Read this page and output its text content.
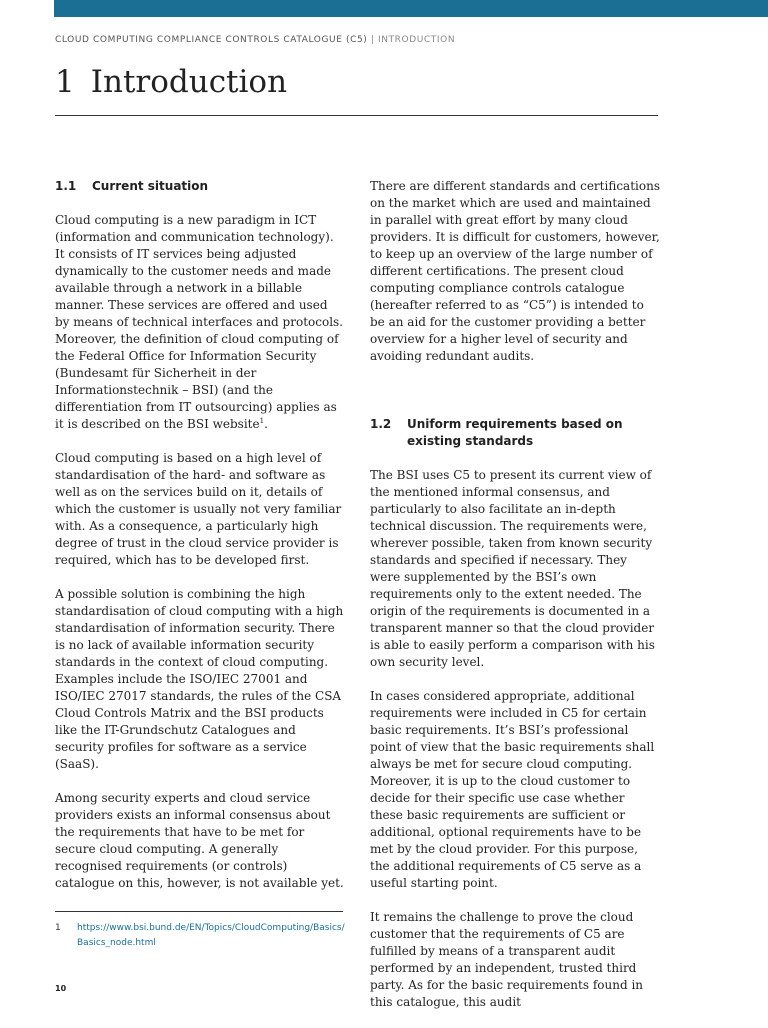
CLOUD COMPUTING COMPLIANCE CONTROLS CATALOGUE (C5) | INTRODUCTION
1 Introduction
1.1	Current situation

Cloud computing is a new paradigm in ICT (information and communication technology). It consists of IT services being adjusted dynamically to the customer needs and made available through a network in a billable manner. These services are offered and used by means of technical interfaces and protocols. Moreover, the definition of cloud computing of the Federal Office for Information Security (Bundesamt für Sicherheit in der Informationstechnik – BSI) (and the differentiation from IT outsourcing) applies as it is described on the BSI website$^1$.

Cloud computing is based on a high level of standardisation of the hard- and software as well as on the services build on it, details of which the customer is usually not very familiar with. As a consequence, a particularly high degree of trust in the cloud service provider is required, which has to be developed first.

A possible solution is combining the high standardisation of cloud computing with a high standardisation of information security. There is no lack of available information security standards in the context of cloud computing. Examples include the ISO/IEC 27001 and ISO/IEC 27017 standards, the rules of the CSA Cloud Controls Matrix and the BSI products like the IT-Grundschutz Catalogues and security profiles for software as a service (SaaS).

Among security experts and cloud service providers exists an informal consensus about the requirements that have to be met for secure cloud computing. A generally recognised requirements (or controls) catalogue on this, however, is not available yet.

There are different standards and certifications on the market which are used and maintained in parallel with great effort by many cloud providers. It is difficult for customers, however, to keep up an overview of the large number of different certifications. The present cloud computing compliance controls catalogue (hereafter referred to as “C5”) is intended to be an aid for the customer providing a better overview for a higher level of security and avoiding redundant audits.

1.2	Uniform requirements based on existing standards

The BSI uses C5 to present its current view of the mentioned informal consensus, and particularly to also facilitate an in-depth technical discussion. The requirements were, wherever possible, taken from known security standards and specified if necessary. They were supplemented by the BSI’s own requirements only to the extent needed. The origin of the requirements is documented in a transparent manner so that the cloud provider is able to easily perform a comparison with his own security level.

In cases considered appropriate, additional requirements were included in C5 for certain basic requirements. It’s BSI’s professional point of view that the basic requirements shall always be met for secure cloud computing. Moreover, it is up to the cloud customer to decide for their specific use case whether these basic requirements are sufficient or additional, optional requirements have to be met by the cloud provider. For this purpose, the additional requirements of C5 serve as a useful starting point.

It remains the challenge to prove the cloud customer that the requirements of C5 are fulfilled by means of a transparent audit performed by an independent, trusted third party. As for the basic requirements found in this catalogue, this audit

1	https://www.bsi.bund.de/EN/Topics/CloudComputing/Basics/Basics_node.html
10
